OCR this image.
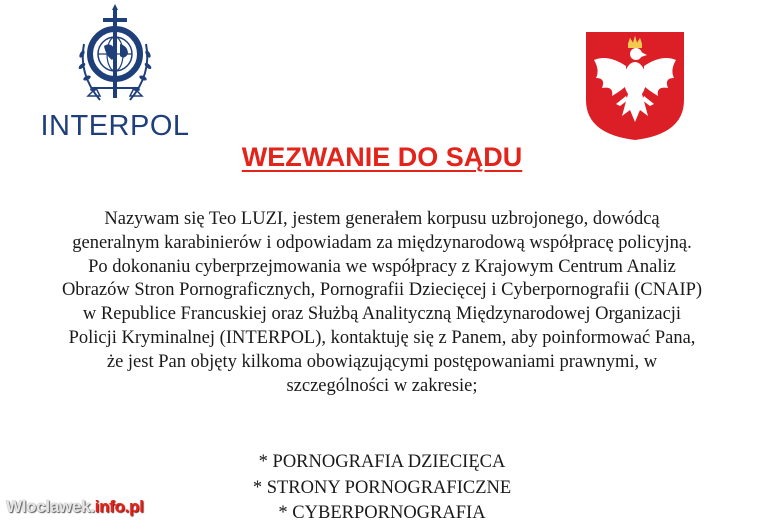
INTERPOL
WEZWANIE DO SĄDU
Nazywam się Teo LUZI, jestem generałem korpusu uzbrojonego, dowódcą
generalnym karabinierów i odpowiadam za międzynarodową współpracę policyjną.
Po dokonaniu cyberprzejmowania we współpracy z Krajowym Centrum Analiz
Obrazów Stron Pornograficznych, Pornografii Dziecięcej i Cyberpornografii (CNAIP)
w Republice Francuskiej oraz Służbą Analityczną Międzynarodowej Organizacji
Policji Kryminalnej (INTERPOL), kontaktuję się z Panem, aby poinformować Pana,
że jest Pan objęty kilkoma obowiązującymi postępowaniami prawnymi, w
szczególności w zakresie;
* PORNOGRAFIA DZIECIĘCA
* STRONY PORNOGRAFICZNE
* CYBERPORNOGRAFIA
Wloclawek.info.pl
